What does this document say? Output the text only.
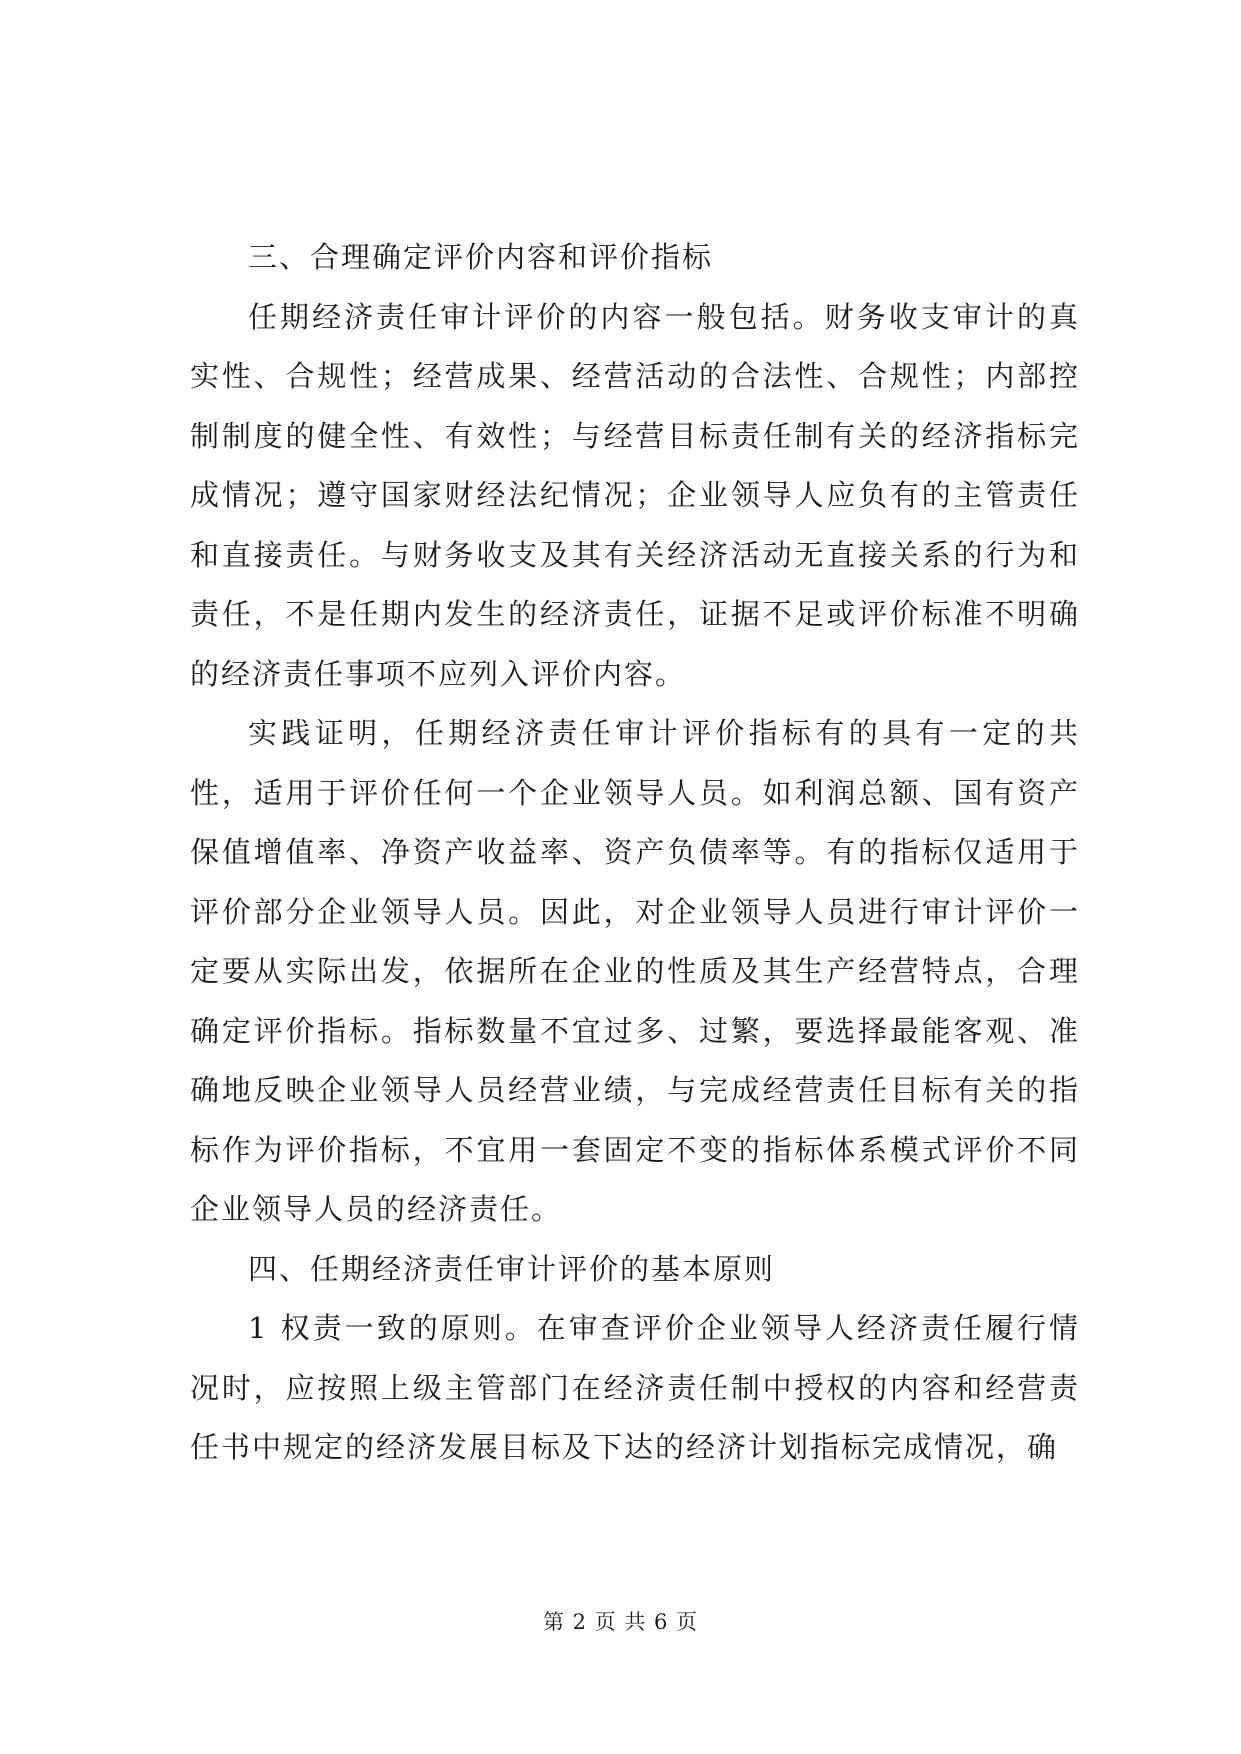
三、合理确定评价内容和评价指标

任期经济责任审计评价的内容一般包括。财务收支审计的真实性、合规性；经营成果、经营活动的合法性、合规性；内部控制制度的健全性、有效性；与经营目标责任制有关的经济指标完成情况；遵守国家财经法纪情况；企业领导人应负有的主管责任和直接责任。与财务收支及其有关经济活动无直接关系的行为和责任，不是任期内发生的经济责任，证据不足或评价标准不明确的经济责任事项不应列入评价内容。

实践证明，任期经济责任审计评价指标有的具有一定的共性，适用于评价任何一个企业领导人员。如利润总额、国有资产保值增值率、净资产收益率、资产负债率等。有的指标仅适用于评价部分企业领导人员。因此，对企业领导人员进行审计评价一定要从实际出发，依据所在企业的性质及其生产经营特点，合理确定评价指标。指标数量不宜过多、过繁，要选择最能客观、准确地反映企业领导人员经营业绩，与完成经营责任目标有关的指标作为评价指标，不宜用一套固定不变的指标体系模式评价不同企业领导人员的经济责任。

四、任期经济责任审计评价的基本原则

1 权责一致的原则。在审查评价企业领导人经济责任履行情况时，应按照上级主管部门在经济责任制中授权的内容和经营责任书中规定的经济发展目标及下达的经济计划指标完成情况，确

第 2 页 共 6 页
